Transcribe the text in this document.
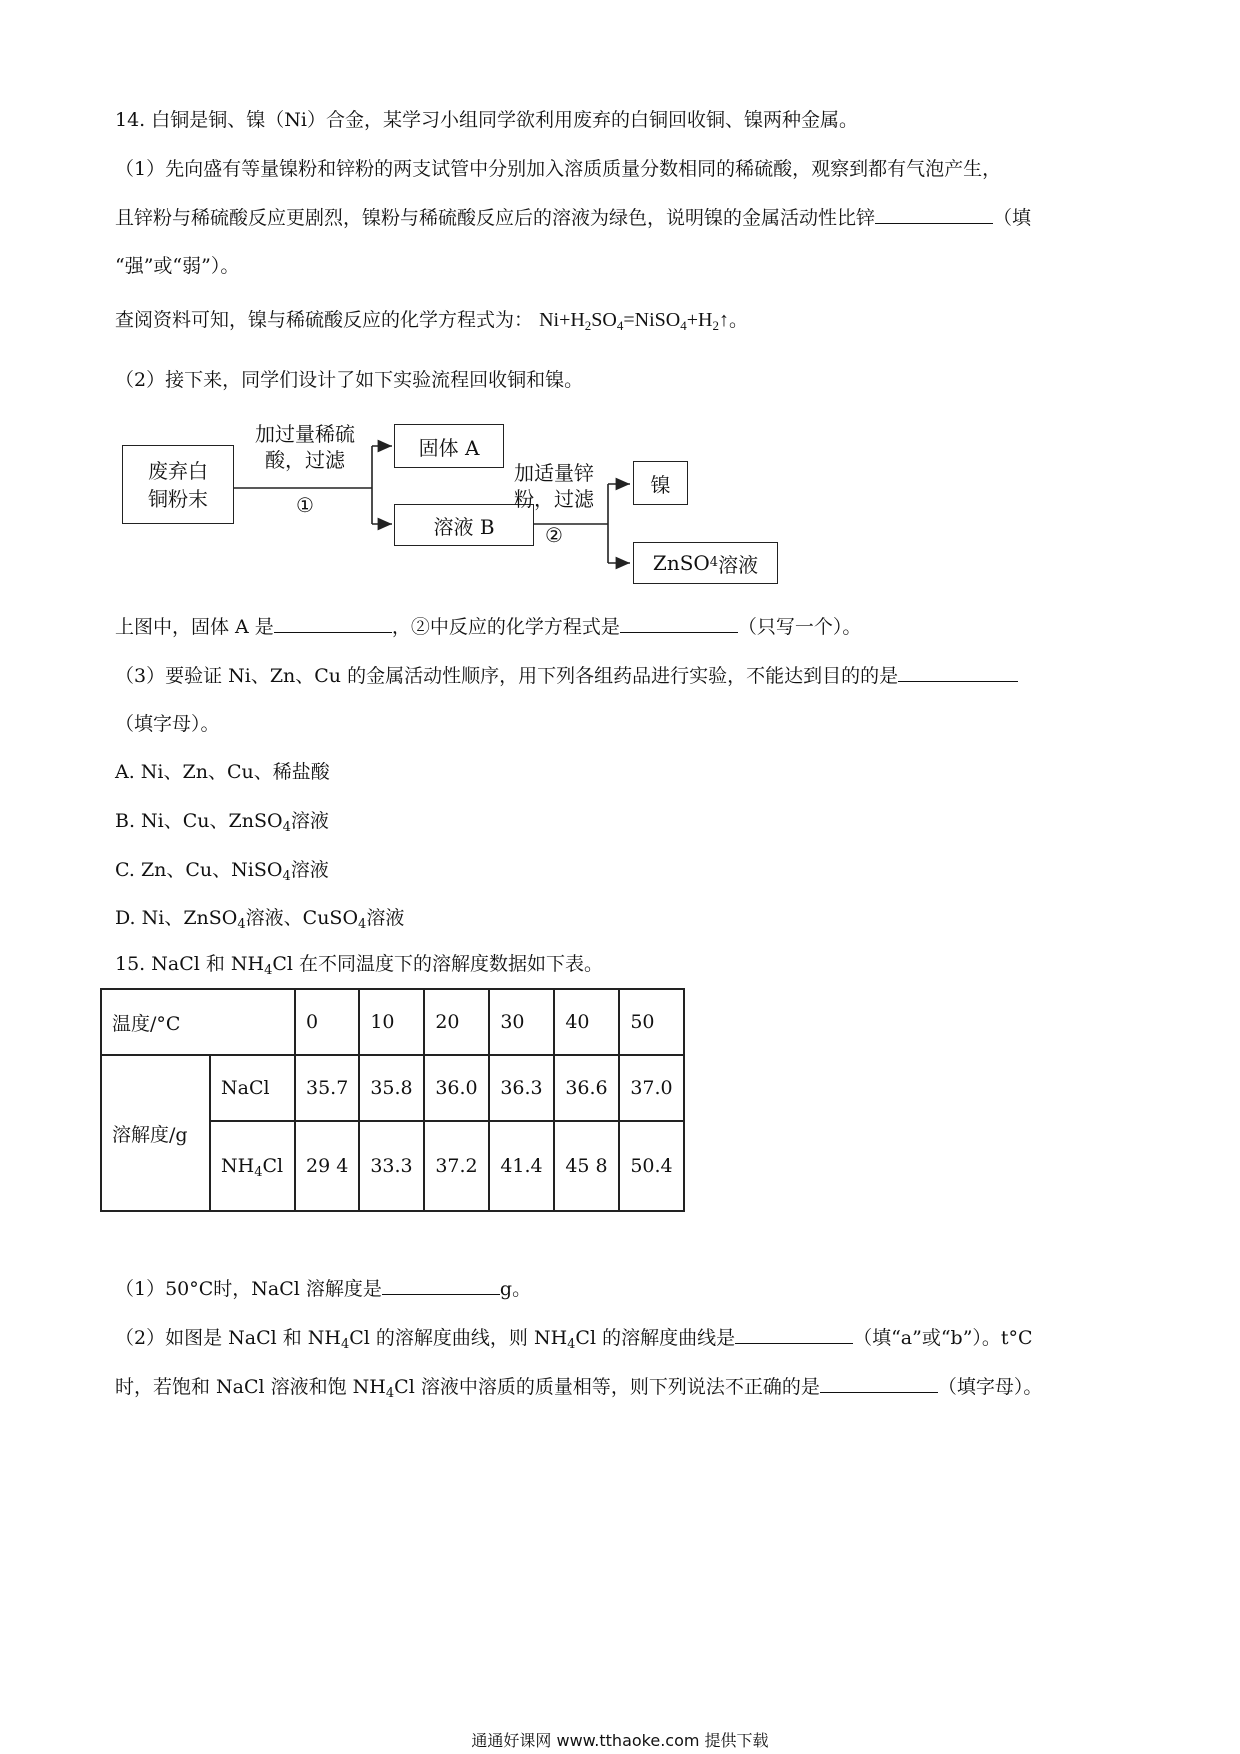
14. 白铜是铜、镍（Ni）合金，某学习小组同学欲利用废弃的白铜回收铜、镍两种金属。
（1）先向盛有等量镍粉和锌粉的两支试管中分别加入溶质质量分数相同的稀硫酸，观察到都有气泡产生，
且锌粉与稀硫酸反应更剧烈，镍粉与稀硫酸反应后的溶液为绿色，说明镍的金属活动性比锌	（填
“强”或“弱”）。
查阅资料可知，镍与稀硫酸反应的化学方程式为： $Ni+H_2SO_4=NiSO_4+H_2↑$。
（2）接下来，同学们设计了如下实验流程回收铜和镍。
废弃白
铜粉末
加过量稀硫
酸，过滤
①
固体 A
溶液 B
加适量锌
粉，过滤
②
镍
ZnSO 4 溶液
上图中，固体 A 是	，②中反应的化学方程式是	（只写一个）。
（3）要验证 Ni、Zn、Cu 的金属活动性顺序，用下列各组药品进行实验，不能达到目的的是
（填字母）。
A. Ni、Zn、Cu、稀盐酸
B. Ni、Cu、ZnSO$_4$溶液
C. Zn、Cu、NiSO$_4$溶液
D. Ni、ZnSO$_4$溶液、CuSO$_4$溶液
15. NaCl 和 $NH_4Cl$ 在不同温度下的溶解度数据如下表。
温度/°C		0	10	20	30	40	50
溶解度/g	NaCl	35.7	35.8	36.0	36.3	36.6	37.0
	$NH_4Cl$	29 4	33.3	37.2	41.4	45 8	50.4
（1）50°C时，NaCl 溶解度是	g。
（2）如图是 NaCl 和 $NH_4Cl$ 的溶解度曲线，则 $NH_4Cl$ 的溶解度曲线是	（填“a”或“b”）。t°C
时，若饱和 NaCl 溶液和饱 $NH_4Cl$ 溶液中溶质的质量相等，则下列说法不正确的是	（填字母）。
通通好课网 www.tthaoke.com 提供下载
